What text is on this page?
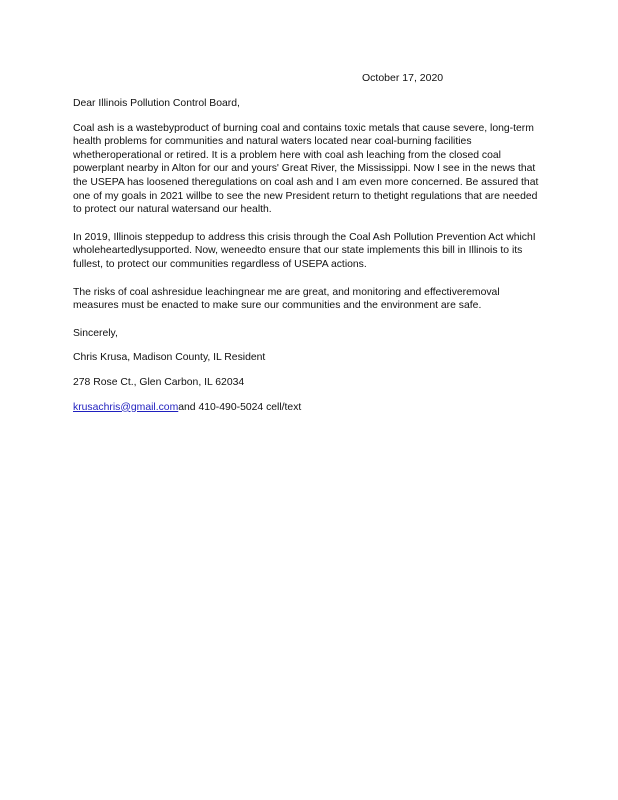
October 17, 2020

Dear Illinois Pollution Control Board,

Coal ash is a wastebyproduct of burning coal and contains toxic metals that cause severe, long-term health problems for communities and natural waters located near coal-burning facilities whetheroperational or retired. It is a problem here with coal ash leaching from the closed coal powerplant nearby in Alton for our and yours' Great River, the Mississippi. Now I see in the news that the USEPA has loosened theregulations on coal ash and I am even more concerned. Be assured that one of my goals in 2021 willbe to see the new President return to thetight regulations that are needed to protect our natural watersand our health.

In 2019, Illinois steppedup to address this crisis through the Coal Ash Pollution Prevention Act whichI wholeheartedlysupported. Now, weneedto ensure that our state implements this bill in Illinois to its fullest, to protect our communities regardless of USEPA actions.

The risks of coal ashresidue leachingnear me are great, and monitoring and effectiveremoval measures must be enacted to make sure our communities and the environment are safe.

Sincerely,

Chris Krusa, Madison County, IL Resident

278 Rose Ct., Glen Carbon, IL 62034

krusachris@gmail.comand 410-490-5024 cell/text
